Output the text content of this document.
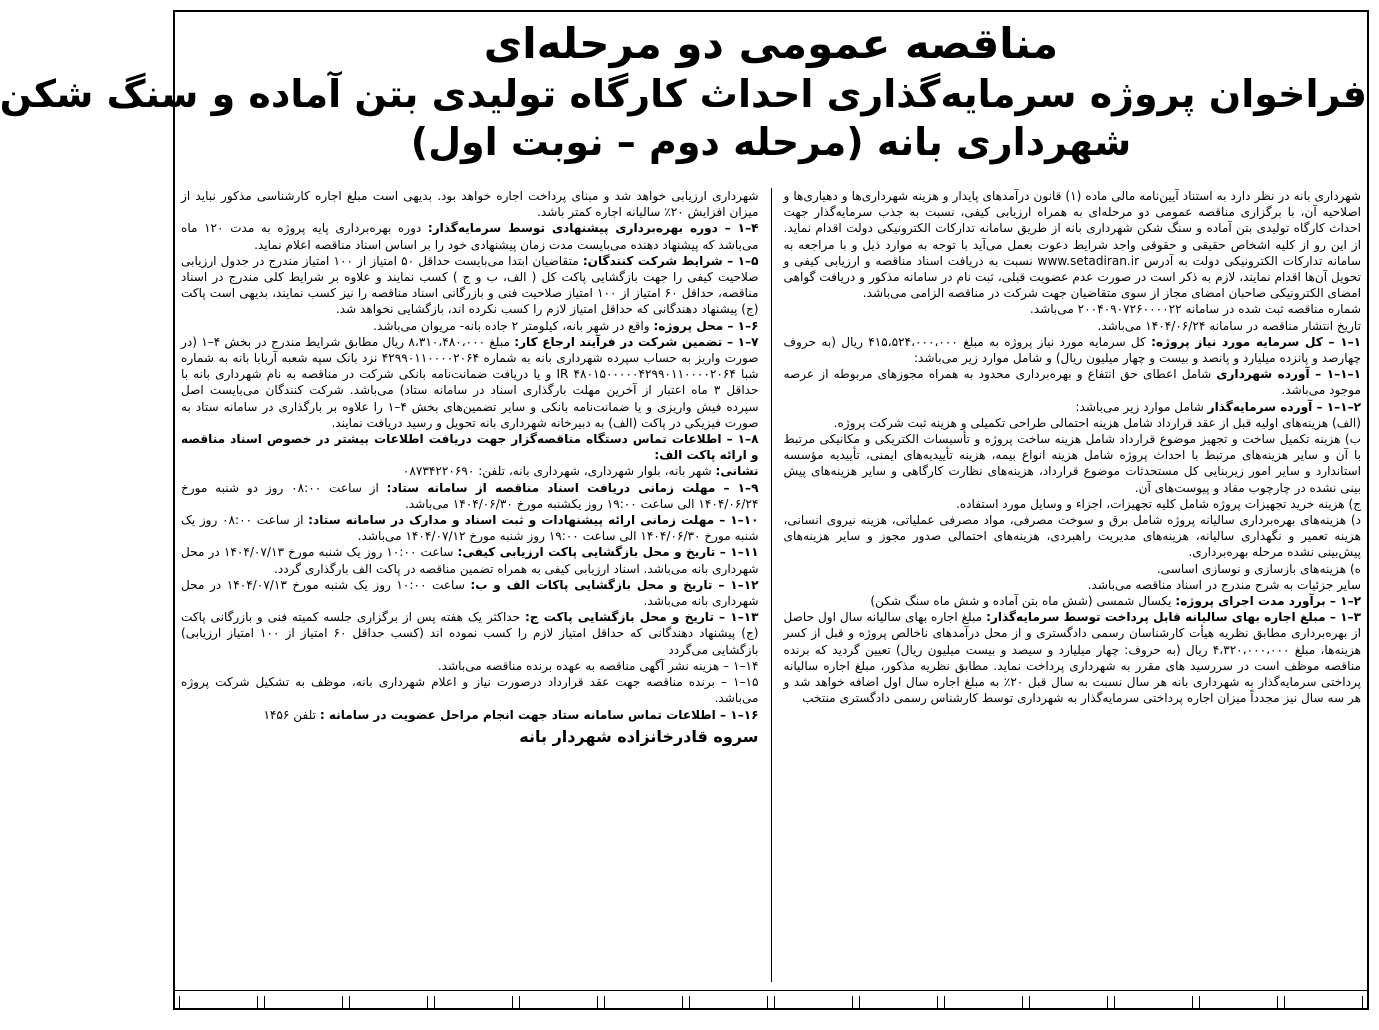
مناقصه عمومی دو مرحله‌ای
فراخوان پروژه سرمایه‌گذاری احداث کارگاه تولیدی بتن آماده و سنگ شکن
شهرداری بانه (مرحله دوم – نوبت اول)

شهرداری بانه در نظر دارد به استناد آیین‌نامه مالی ماده (۱) قانون درآمدهای پایدار و هزینه شهرداری‌ها و دهیاری‌ها و اصلاحیه آن، با برگزاری مناقصه عمومی دو مرحله‌ای به همراه ارزیابی کیفی، نسبت به جذب سرمایه‌گذار جهت احداث کارگاه تولیدی بتن آماده و سنگ شکن شهرداری بانه از طریق سامانه تدارکات الکترونیکی دولت اقدام نماید. از این رو از کلیه اشخاص حقیقی و حقوقی واجد شرایط دعوت بعمل می‌آید با توجه به موارد ذیل و با مراجعه به سامانه تدارکات الکترونیکی دولت به آدرس www.setadiran.ir نسبت به دریافت اسناد مناقصه و ارزیابی کیفی و تحویل آن‌ها اقدام نمایند، لازم به ذکر است در صورت عدم عضویت قبلی، ثبت نام در سامانه مذکور و دریافت گواهی امضای الکترونیکی صاحبان امضای مجاز از سوی متقاضیان جهت شرکت در مناقصه الزامی می‌باشد.

شماره مناقصه ثبت شده در سامانه ۲۰۰۴۰۹۰۷۲۶۰۰۰۰۲۲ می‌باشد.

تاریخ انتشار مناقصه در سامانه ۱۴۰۴/۰۶/۲۴ می‌باشد.

۱–۱ – کل سرمایه مورد نیاز پروژه: کل سرمایه مورد نیاز پروژه به مبلغ ۴۱۵،۵۲۴،۰۰۰،۰۰۰ ریال (به حروف چهارصد و پانزده میلیارد و پانصد و بیست و چهار میلیون ریال) و شامل موارد زیر می‌باشد:

۱–۱–۱ – آورده شهرداری شامل اعطای حق انتفاع و بهره‌برداری محدود به همراه مجوزهای مربوطه از عرصه موجود می‌باشد.

۲–۱–۱ – آورده سرمایه‌گذار شامل موارد زیر می‌باشد:

(الف) هزینه‌های اولیه قبل از عقد قرارداد شامل هزینه احتمالی طراحی تکمیلی و هزینه ثبت شرکت پروژه.

ب) هزینه تکمیل ساخت و تجهیز موضوع قرارداد شامل هزینه ساخت پروژه و تأسیسات الکتریکی و مکانیکی مرتبط با آن و سایر هزینه‌های مرتبط با احداث پروژه شامل هزینه انواع بیمه، هزینه تأییدیه‌های ایمنی، تأییدیه مؤسسه استاندارد و سایر امور زیربنایی کل مستحدثات موضوع قرارداد، هزینه‌های نظارت کارگاهی و سایر هزینه‌های پیش بینی نشده در چارچوب مفاد و پیوست‌های آن.

ج) هزینه خرید تجهیزات پروژه شامل کلیه تجهیزات، اجزاء و وسایل مورد استفاده.

د) هزینه‌های بهره‌برداری سالیانه پروژه شامل برق و سوخت مصرفی، مواد مصرفی عملیاتی، هزینه نیروی انسانی، هزینه تعمیر و نگهداری سالیانه، هزینه‌های مدیریت راهبردی، هزینه‌های احتمالی صدور مجوز و سایر هزینه‌های پیش‌بینی نشده مرحله بهره‌برداری.

ه) هزینه‌های بازسازی و نوسازی اساسی.

سایر جزئیات به شرح مندرج در اسناد مناقصه می‌باشد.

۲–۱ – برآورد مدت اجرای پروژه: یکسال شمسی (شش ماه بتن آماده و شش ماه سنگ شکن)

۳–۱ – مبلغ اجاره بهای سالیانه قابل پرداخت توسط سرمایه‌گذار: مبلغ اجاره بهای سالیانه سال اول حاصل از بهره‌برداری مطابق نظریه هیأت کارشناسان رسمی دادگستری و از محل درآمدهای ناخالص پروژه و قبل از کسر هزینه‌ها، مبلغ ۴،۳۲۰،۰۰۰،۰۰۰ ریال (به حروف: چهار میلیارد و سیصد و بیست میلیون ریال) تعیین گردید که برنده مناقصه موظف است در سررسید های مقرر به شهرداری پرداخت نماید. مطابق نظریه مذکور، مبلغ اجاره سالیانه پرداختی سرمایه‌گذار به شهرداری بانه هر سال نسبت به سال قبل ۲۰٪ به مبلغ اجاره سال اول اضافه خواهد شد و هر سه سال نیز مجدداً میزان اجاره پرداختی سرمایه‌گذار به شهرداری توسط کارشناس رسمی دادگستری منتخب

شهرداری ارزیابی خواهد شد و مبنای پرداخت اجاره خواهد بود. بدیهی است مبلغ اجاره کارشناسی مذکور نباید از میزان افزایش ۲۰٪ سالیانه اجاره کمتر باشد.

۴–۱ – دوره بهره‌برداری پیشنهادی توسط سرمایه‌گذار: دوره بهره‌برداری پایه پروژه به مدت ۱۲۰ ماه می‌باشد که پیشنهاد دهنده می‌بایست مدت زمان پیشنهادی خود را بر اساس اسناد مناقصه اعلام نماید.

۵–۱ – شرایط شرکت کنندگان: متقاضیان ابتدا می‌بایست حداقل ۵۰ امتیاز از ۱۰۰ امتیاز مندرج در جدول ارزیابی صلاحیت کیفی را جهت بازگشایی پاکت کل ( الف، ب و ج ) کسب نمایند و علاوه بر شرایط کلی مندرج در اسناد مناقصه، حداقل ۶۰ امتیاز از ۱۰۰ امتیاز صلاحیت فنی و بازرگانی اسناد مناقصه را نیز کسب نمایند، بدیهی است پاکت (ج) پیشنهاد دهندگانی که حداقل امتیاز لازم را کسب نکرده اند، بازگشایی نخواهد شد.

۶–۱ – محل پروژه: واقع در شهر بانه، کیلومتر ۲ جاده بانه- مریوان می‌باشد.

۷–۱ – تضمین شرکت در فرآیند ارجاع کار: مبلغ ۸،۳۱۰،۴۸۰،۰۰۰ ریال مطابق شرایط مندرج در بخش ۴–۱ (در صورت واریز به حساب سپرده شهرداری بانه به شماره ۴۲۹۹۰۱۱۰۰۰۰۲۰۶۴ نزد بانک سپه شعبه آربابا بانه به شماره شبا IR ۴۸۰۱۵۰۰۰۰۰۴۲۹۹۰۱۱۰۰۰۰۲۰۶۴ و یا دریافت ضمانت‌نامه بانکی شرکت در مناقصه به نام شهرداری بانه با حداقل ۳ ماه اعتبار از آخرین مهلت بارگذاری اسناد در سامانه ستاد) می‌باشد. شرکت کنندگان می‌بایست اصل سپرده فیش واریزی و یا ضمانت‌نامه بانکی و سایر تضمین‌های بخش ۴–۱ را علاوه بر بارگذاری در سامانه ستاد به صورت فیزیکی در پاکت (الف) به دبیرخانه شهرداری بانه تحویل و رسید دریافت نمایند.

۸–۱ – اطلاعات تماس دستگاه مناقصه‌گزار جهت دریافت اطلاعات بیشتر در خصوص اسناد مناقصه و ارائه پاکت الف:

نشانی: شهر بانه، بلوار شهرداری، شهرداری بانه، تلفن: ۰۸۷۳۴۲۲۰۶۹۰

۹–۱ – مهلت زمانی دریافت اسناد مناقصه از سامانه ستاد: از ساعت ۰۸:۰۰ روز دو شنبه مورخ ۱۴۰۴/۰۶/۲۴ الی ساعت ۱۹:۰۰ روز یکشنبه مورخ ۱۴۰۴/۰۶/۳۰ می‌باشد.

۱۰–۱ – مهلت زمانی ارائه پیشنهادات و ثبت اسناد و مدارک در سامانه ستاد: از ساعت ۰۸:۰۰ روز یک شنبه مورخ ۱۴۰۴/۰۶/۳۰ الی ساعت ۱۹:۰۰ روز شنبه مورخ ۱۴۰۴/۰۷/۱۲ می‌باشد.

۱۱–۱ – تاریخ و محل بازگشایی پاکت ارزیابی کیفی: ساعت ۱۰:۰۰ روز یک شنبه مورخ ۱۴۰۴/۰۷/۱۳ در محل شهرداری بانه می‌باشد. اسناد ارزیابی کیفی به همراه تضمین مناقصه در پاکت الف بارگذاری گردد.

۱۲–۱ – تاریخ و محل بازگشایی پاکات الف و ب: ساعت ۱۰:۰۰ روز یک شنبه مورخ ۱۴۰۴/۰۷/۱۳ در محل شهرداری بانه می‌باشد.

۱۳–۱ – تاریخ و محل بازگشایی پاکت ج: حداکثر یک هفته پس از برگزاری جلسه کمیته فنی و بازرگانی پاکت (ج) پیشنهاد دهندگانی که حداقل امتیاز لازم را کسب نموده اند (کسب حداقل ۶۰ امتیاز از ۱۰۰ امتیاز ارزیابی) بازگشایی می‌گردد

۱۴–۱ – هزینه نشر آگهی مناقصه به عهده برنده مناقصه می‌باشد.

۱۵–۱ – برنده مناقصه جهت عقد قرارداد درصورت نیاز و اعلام شهرداری بانه، موظف به تشکیل شرکت پروژه می‌باشد.

۱۶–۱ – اطلاعات تماس سامانه ستاد جهت انجام مراحل عضویت در سامانه : تلفن ۱۴۵۶

سروه قادرخانزاده شهردار بانه
